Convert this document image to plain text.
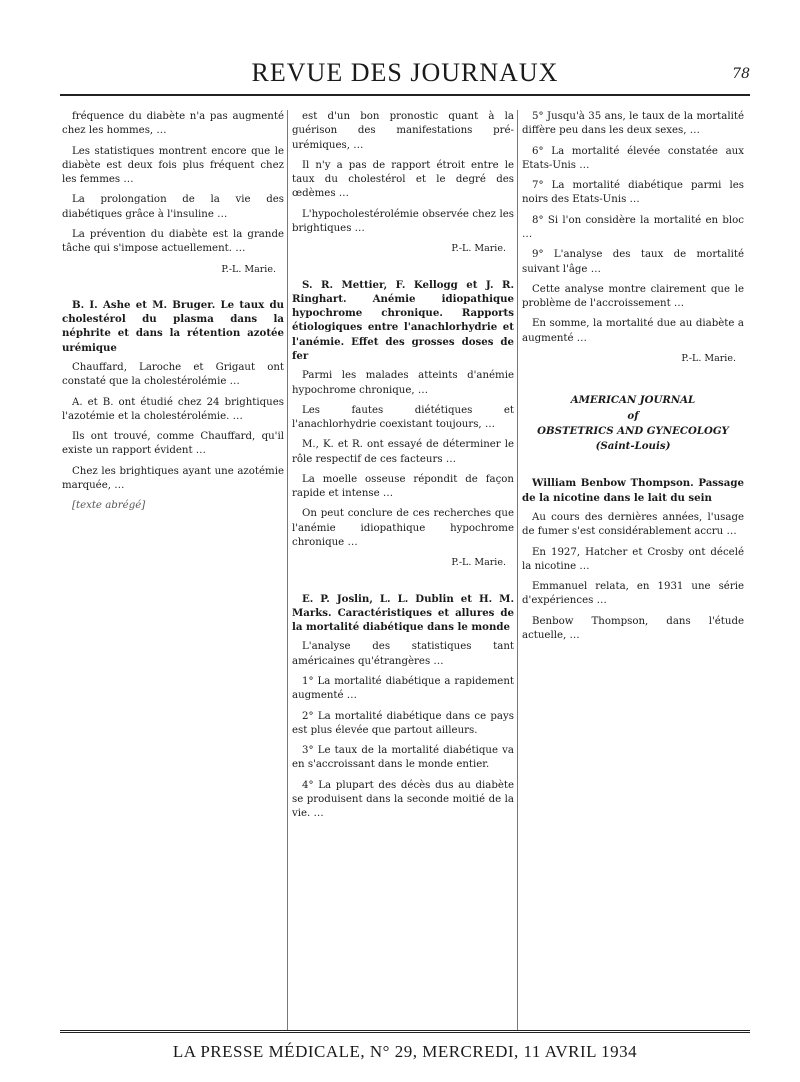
REVUE DES JOURNAUX	78

fréquence du diabète n'a pas augmenté chez les hommes, …

Les statistiques montrent encore que le diabète est deux fois plus fréquent chez les femmes …

La prolongation de la vie des diabétiques grâce à l'insuline …

La prévention du diabète est la grande tâche qui s'impose actuellement. …

P.-L. Marie.

B. I. Ashe et M. Bruger. Le taux du cholestérol du plasma dans la néphrite et dans la rétention azotée urémique

Chauffard, Laroche et Grigaut ont constaté que la cholestérolémie …

A. et B. ont étudié chez 24 brightiques l'azotémie et la cholestérolémie. …

Ils ont trouvé, comme Chauffard, qu'il existe un rapport évident …

Chez les brightiques ayant une azotémie marquée, …

[texte abrégé]

est d'un bon pronostic quant à la guérison des manifestations pré-urémiques, …

Il n'y a pas de rapport étroit entre le taux du cholestérol et le degré des œdèmes …

L'hypocholestérolémie observée chez les brightiques …

P.-L. Marie.

S. R. Mettier, F. Kellogg et J. R. Ringhart. Anémie idiopathique hypochrome chronique. Rapports étiologiques entre l'anachlorhydrie et l'anémie. Effet des grosses doses de fer

Parmi les malades atteints d'anémie hypochrome chronique, …

Les fautes diététiques et l'anachlorhydrie coexistant toujours, …

M., K. et R. ont essayé de déterminer le rôle respectif de ces facteurs …

La moelle osseuse répondit de façon rapide et intense …

On peut conclure de ces recherches que l'anémie idiopathique hypochrome chronique …

P.-L. Marie.

E. P. Joslin, L. L. Dublin et H. M. Marks. Caractéristiques et allures de la mortalité diabétique dans le monde

L'analyse des statistiques tant américaines qu'étrangères …

1° La mortalité diabétique a rapidement augmenté …

2° La mortalité diabétique dans ce pays est plus élevée que partout ailleurs.

3° Le taux de la mortalité diabétique va en s'accroissant dans le monde entier.

4° La plupart des décès dus au diabète se produisent dans la seconde moitié de la vie. …

5° Jusqu'à 35 ans, le taux de la mortalité diffère peu dans les deux sexes, …

6° La mortalité élevée constatée aux Etats-Unis …

7° La mortalité diabétique parmi les noirs des Etats-Unis …

8° Si l'on considère la mortalité en bloc …

9° L'analyse des taux de mortalité suivant l'âge …

Cette analyse montre clairement que le problème de l'accroissement …

En somme, la mortalité due au diabète a augmenté …

P.-L. Marie.
AMERICAN JOURNAL
of
OBSTETRICS AND GYNECOLOGY
(Saint-Louis)

William Benbow Thompson. Passage de la nicotine dans le lait du sein

Au cours des dernières années, l'usage de fumer s'est considérablement accru …

En 1927, Hatcher et Crosby ont décelé la nicotine …

Emmanuel relata, en 1931 une série d'expériences …

Benbow Thompson, dans l'étude actuelle, …

LA PRESSE MÉDICALE, N° 29, MERCREDI, 11 AVRIL 1934
